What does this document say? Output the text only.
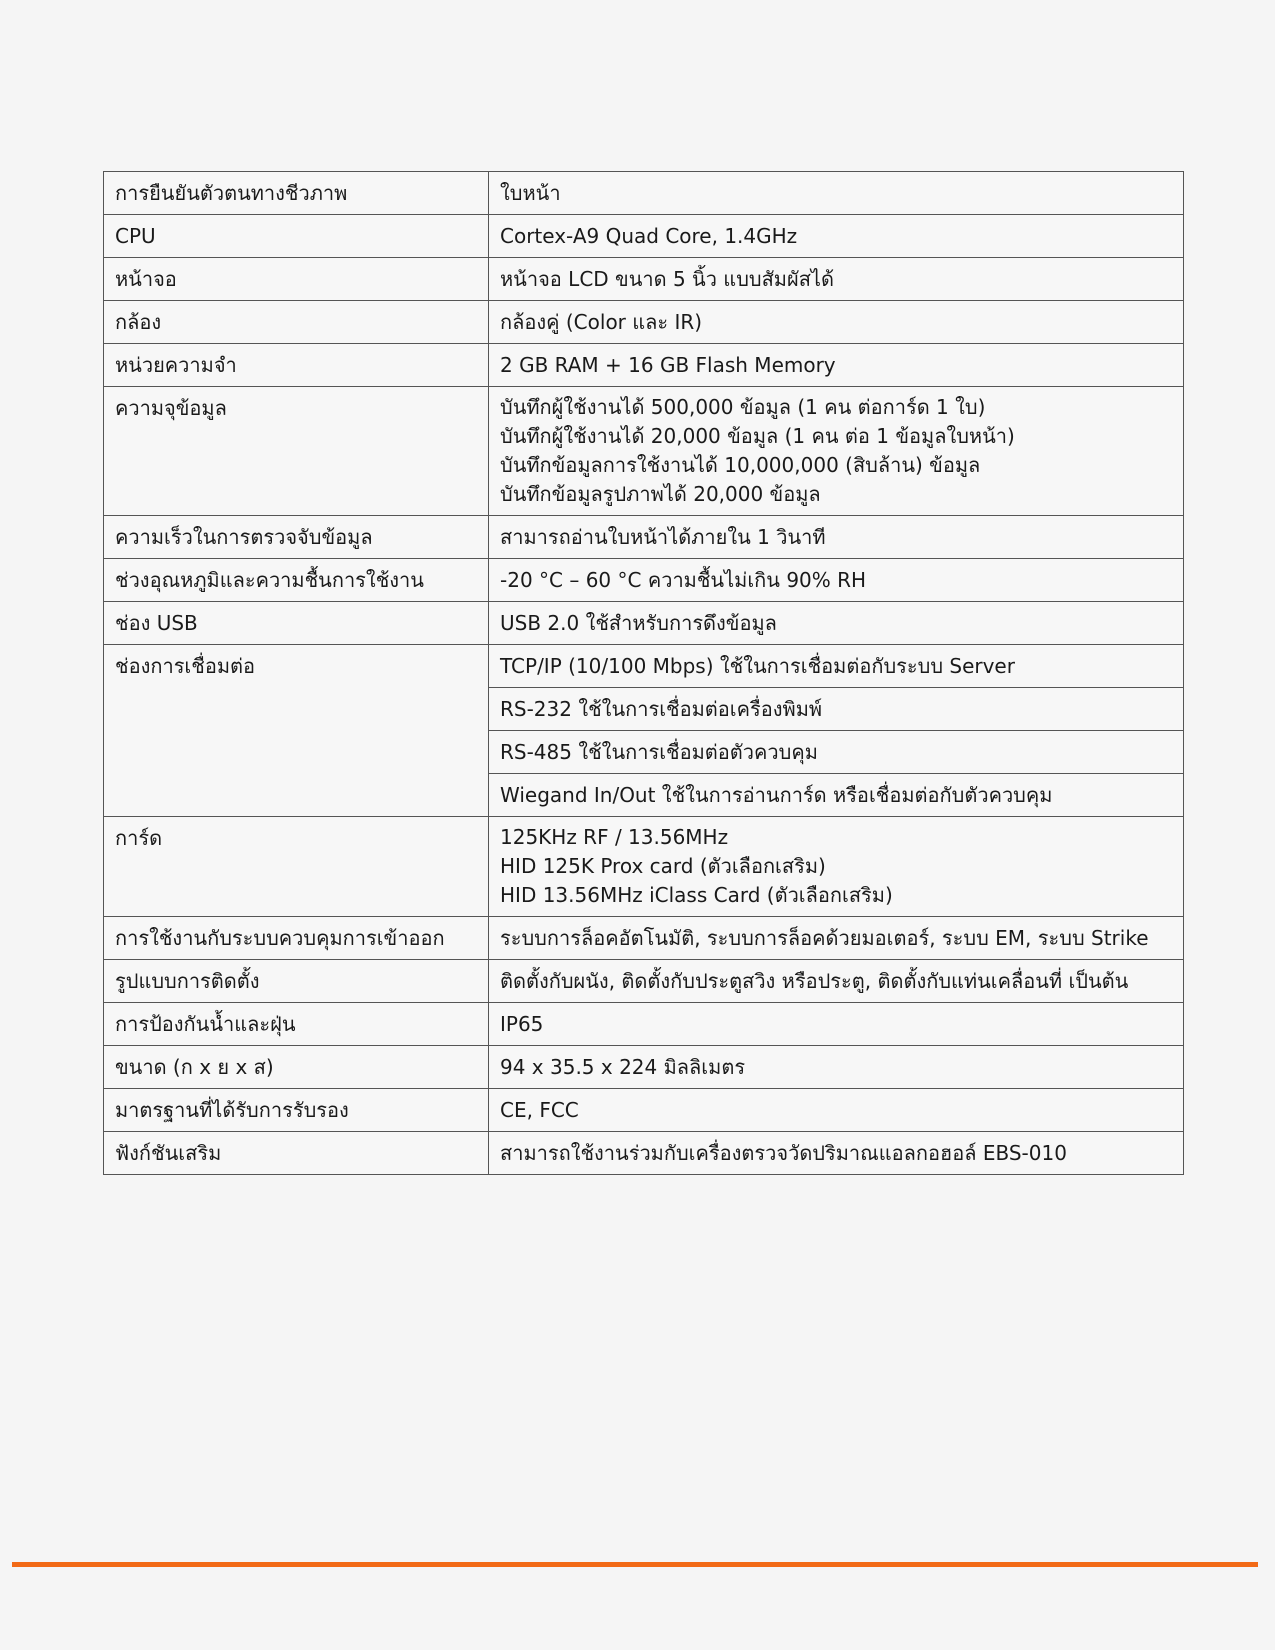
การยืนยันตัวตนทางชีวภาพ	ใบหน้า
CPU	Cortex-A9 Quad Core, 1.4GHz
หน้าจอ	หน้าจอ LCD ขนาด 5 นิ้ว แบบสัมผัสได้
กล้อง	กล้องคู่ (Color และ IR)
หน่วยความจำ	2 GB RAM + 16 GB Flash Memory
ความจุข้อมูล	บันทึกผู้ใช้งานได้ 500,000 ข้อมูล (1 คน ต่อการ์ด 1 ใบ)
บันทึกผู้ใช้งานได้ 20,000 ข้อมูล (1 คน ต่อ 1 ข้อมูลใบหน้า)
บันทึกข้อมูลการใช้งานได้ 10,000,000 (สิบล้าน) ข้อมูล
บันทึกข้อมูลรูปภาพได้ 20,000 ข้อมูล

ความเร็วในการตรวจจับข้อมูล	สามารถอ่านใบหน้าได้ภายใน 1 วินาที
ช่วงอุณหภูมิและความชื้นการใช้งาน	-20 °C – 60 °C ความชื้นไม่เกิน 90% RH
ช่อง USB	USB 2.0 ใช้สำหรับการดึงข้อมูล
ช่องการเชื่อมต่อ	TCP/IP (10/100 Mbps) ใช้ในการเชื่อมต่อกับระบบ Server
	RS-232 ใช้ในการเชื่อมต่อเครื่องพิมพ์
	RS-485 ใช้ในการเชื่อมต่อตัวควบคุม
	Wiegand In/Out ใช้ในการอ่านการ์ด หรือเชื่อมต่อกับตัวควบคุม
การ์ด	125KHz RF / 13.56MHz
HID 125K Prox card (ตัวเลือกเสริม)
HID 13.56MHz iClass Card (ตัวเลือกเสริม)

การใช้งานกับระบบควบคุมการเข้าออก	ระบบการล็อคอัตโนมัติ, ระบบการล็อคด้วยมอเตอร์, ระบบ EM, ระบบ Strike
รูปแบบการติดตั้ง	ติดตั้งกับผนัง, ติดตั้งกับประตูสวิง หรือประตู, ติดตั้งกับแท่นเคลื่อนที่ เป็นต้น
การป้องกันน้ำและฝุ่น	IP65
ขนาด (ก x ย x ส)	94 x 35.5 x 224 มิลลิเมตร
มาตรฐานที่ได้รับการรับรอง	CE, FCC
ฟังก์ชันเสริม	สามารถใช้งานร่วมกับเครื่องตรวจวัดปริมาณแอลกอฮอล์ EBS-010
